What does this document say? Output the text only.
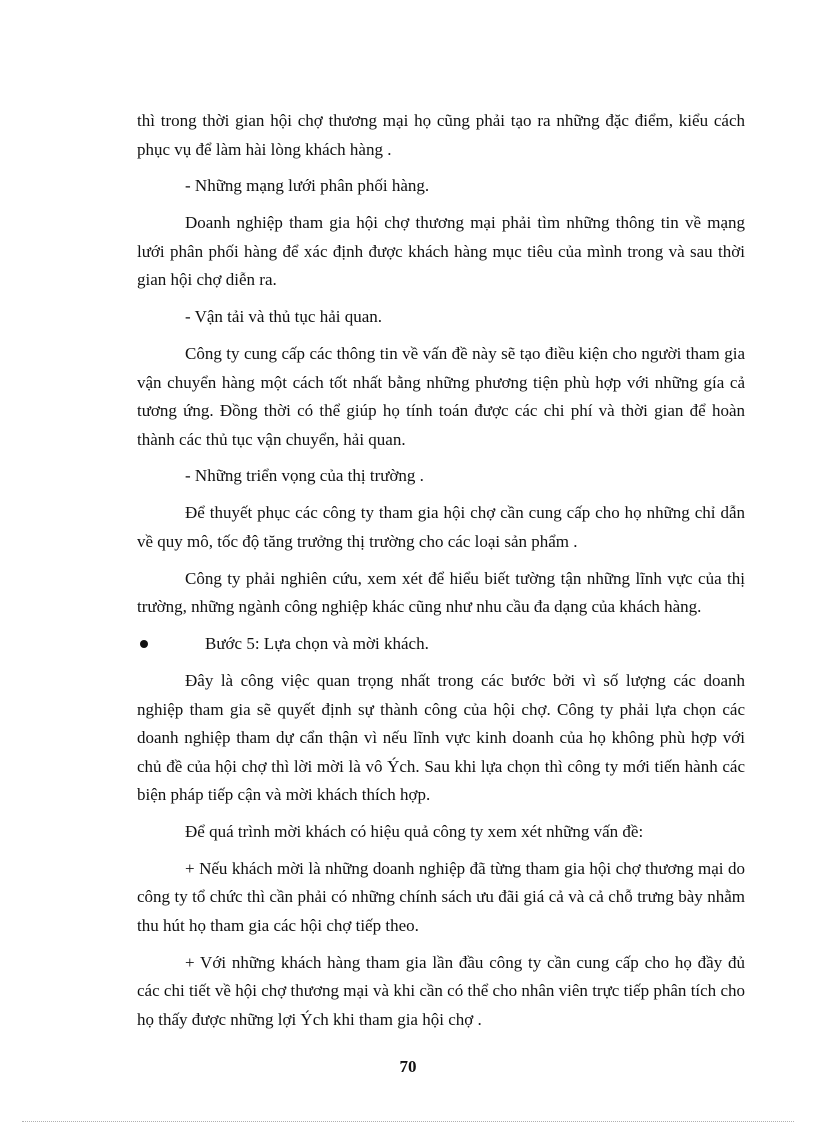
thì trong thời gian hội chợ thương mại họ cũng phải tạo ra những đặc điểm, kiểu cách phục vụ để làm hài lòng khách hàng .

- Những mạng lưới phân phối hàng.

Doanh nghiệp tham gia hội chợ thương mại phải tìm những thông tin về mạng lưới phân phối hàng để xác định được khách hàng mục tiêu của mình trong và sau thời gian hội chợ diễn ra.

- Vận tải và thủ tục hải quan.

Công ty cung cấp các thông tin về vấn đề này sẽ tạo điều kiện cho người tham gia vận chuyển hàng một cách tốt nhất bằng những phương tiện phù hợp với những gía cả tương ứng. Đồng thời có thể giúp họ tính toán được các chi phí và thời gian để hoàn thành các thủ tục vận chuyển, hải quan.

- Những triển vọng của thị trường .

Để thuyết phục các công ty tham gia hội chợ cần cung cấp cho họ những chỉ dẫn về quy mô, tốc độ tăng trưởng thị trường cho các loại sản phẩm .

Công ty phải nghiên cứu, xem xét để hiểu biết tường tận những lĩnh vực của thị trường, những ngành công nghiệp khác cũng như nhu cầu đa dạng của khách hàng.

Bước 5: Lựa chọn và mời khách.

Đây là công việc quan trọng nhất trong các bước bởi vì số lượng các doanh nghiệp tham gia sẽ quyết định sự thành công của hội chợ. Công ty phải lựa chọn các doanh nghiệp tham dự cẩn thận vì nếu lĩnh vực kinh doanh của họ không phù hợp với chủ đề của hội chợ thì lời mời là vô Ých. Sau khi lựa chọn thì công ty mới tiến hành các biện pháp tiếp cận và mời khách thích hợp.

Để quá trình mời khách có hiệu quả công ty xem xét những vấn đề:

+ Nếu khách mời là những doanh nghiệp đã từng tham gia hội chợ thương mại do công ty tổ chức thì cần phải có những chính sách ưu đãi giá cả và cả chỗ trưng bày nhằm thu hút họ tham gia các hội chợ tiếp theo.

+ Với những khách hàng tham gia lần đầu công ty cần cung cấp cho họ đầy đủ các chi tiết về hội chợ thương mại và khi cần có thể cho nhân viên trực tiếp phân tích cho họ thấy được những lợi Ých khi tham gia hội chợ .

70
